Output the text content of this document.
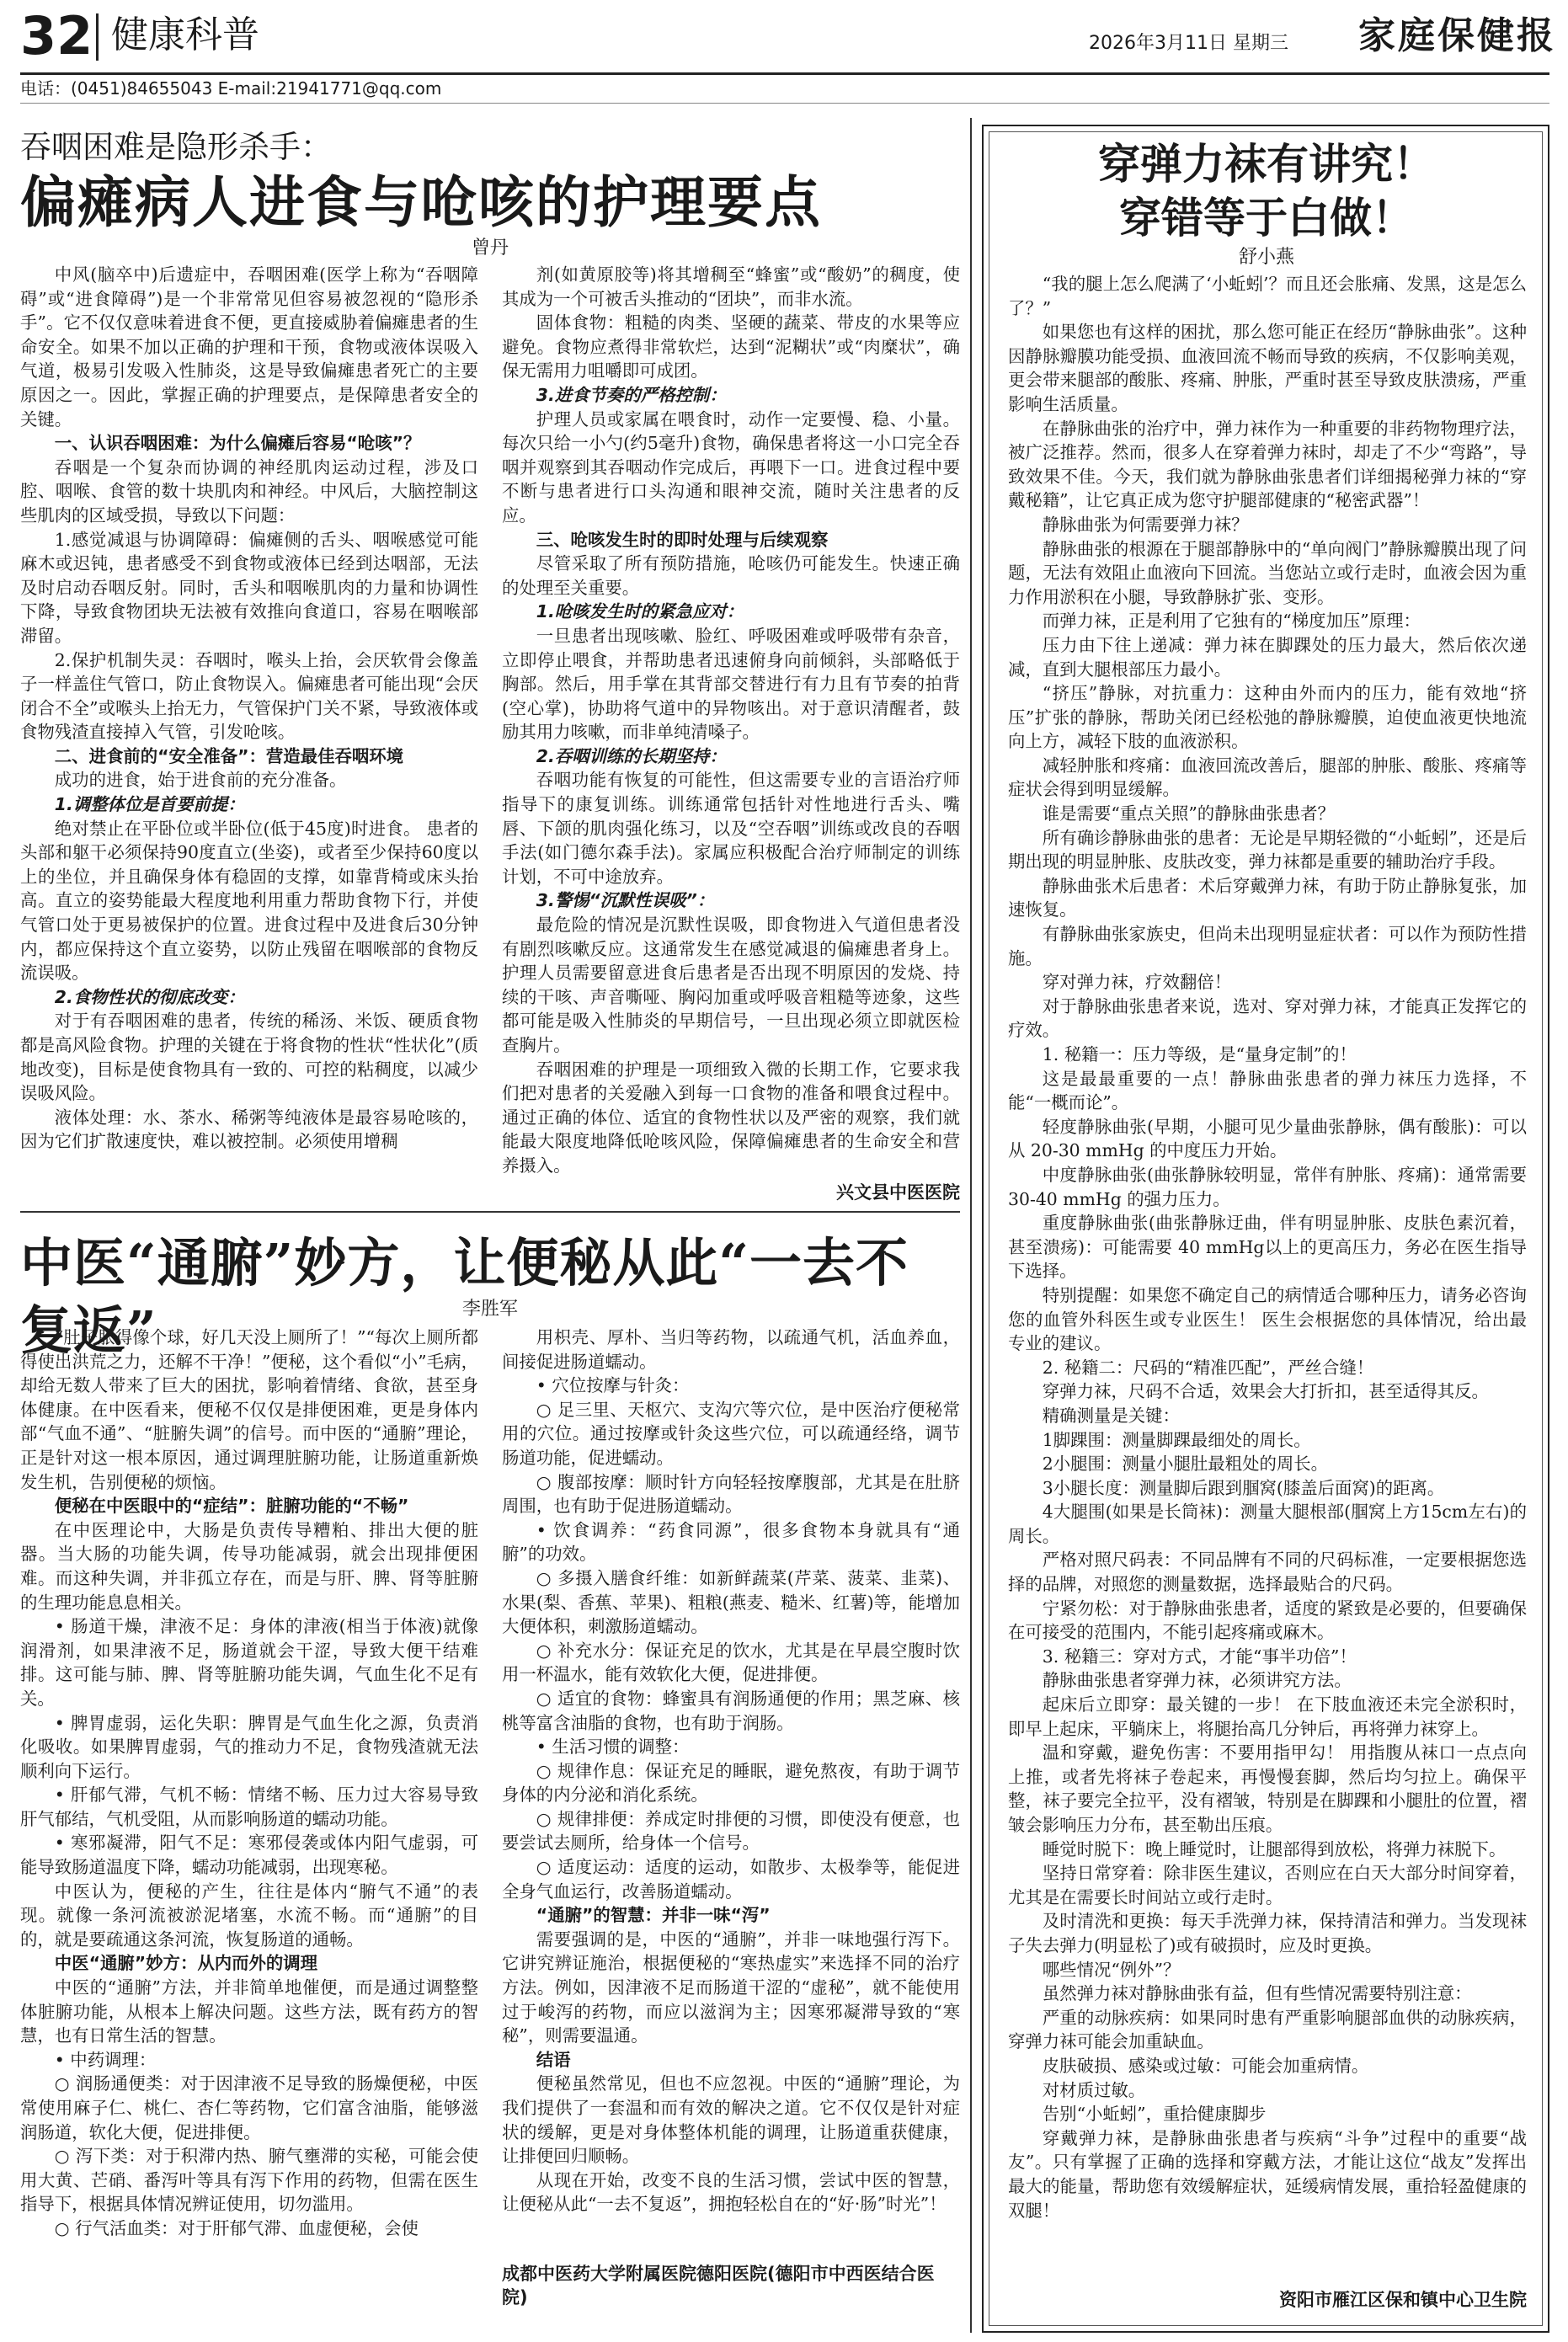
32 健康科普	2026年3月11日 星期三	家庭保健报
电话：(0451)84655043 E-mail:21941771@qq.com
吞咽困难是隐形杀手：
偏瘫病人进食与呛咳的护理要点
曾丹

中风(脑卒中)后遗症中，吞咽困难(医学上称为“吞咽障碍”或“进食障碍”)是一个非常常见但容易被忽视的“隐形杀手”。它不仅仅意味着进食不便，更直接威胁着偏瘫患者的生命安全。如果不加以正确的护理和干预，食物或液体误吸入气道，极易引发吸入性肺炎，这是导致偏瘫患者死亡的主要原因之一。因此，掌握正确的护理要点，是保障患者安全的关键。

一、认识吞咽困难：为什么偏瘫后容易“呛咳”？

吞咽是一个复杂而协调的神经肌肉运动过程，涉及口腔、咽喉、食管的数十块肌肉和神经。中风后，大脑控制这些肌肉的区域受损，导致以下问题：

1.感觉减退与协调障碍：偏瘫侧的舌头、咽喉感觉可能麻木或迟钝，患者感受不到食物或液体已经到达咽部，无法及时启动吞咽反射。同时，舌头和咽喉肌肉的力量和协调性下降，导致食物团块无法被有效推向食道口，容易在咽喉部滞留。

2.保护机制失灵：吞咽时，喉头上抬，会厌软骨会像盖子一样盖住气管口，防止食物误入。偏瘫患者可能出现“会厌闭合不全”或喉头上抬无力，气管保护门关不紧，导致液体或食物残渣直接掉入气管，引发呛咳。

二、进食前的“安全准备”：营造最佳吞咽环境

成功的进食，始于进食前的充分准备。

1.调整体位是首要前提：

绝对禁止在平卧位或半卧位(低于45度)时进食。 患者的头部和躯干必须保持90度直立(坐姿)，或者至少保持60度以上的坐位，并且确保身体有稳固的支撑，如靠背椅或床头抬高。直立的姿势能最大程度地利用重力帮助食物下行，并使气管口处于更易被保护的位置。进食过程中及进食后30分钟内，都应保持这个直立姿势，以防止残留在咽喉部的食物反流误吸。

2.食物性状的彻底改变：

对于有吞咽困难的患者，传统的稀汤、米饭、硬质食物都是高风险食物。护理的关键在于将食物的性状“性状化”(质地改变)，目标是使食物具有一致的、可控的粘稠度，以减少误吸风险。

液体处理：水、茶水、稀粥等纯液体是最容易呛咳的，因为它们扩散速度快，难以被控制。必须使用增稠

剂(如黄原胶等)将其增稠至“蜂蜜”或“酸奶”的稠度，使其成为一个可被舌头推动的“团块”，而非水流。

固体食物：粗糙的肉类、坚硬的蔬菜、带皮的水果等应避免。食物应煮得非常软烂，达到“泥糊状”或“肉糜状”，确保无需用力咀嚼即可成团。

3.进食节奏的严格控制：

护理人员或家属在喂食时，动作一定要慢、稳、小量。每次只给一小勺(约5毫升)食物，确保患者将这一小口完全吞咽并观察到其吞咽动作完成后，再喂下一口。进食过程中要不断与患者进行口头沟通和眼神交流，随时关注患者的反应。

三、呛咳发生时的即时处理与后续观察

尽管采取了所有预防措施，呛咳仍可能发生。快速正确的处理至关重要。

1.呛咳发生时的紧急应对：

一旦患者出现咳嗽、脸红、呼吸困难或呼吸带有杂音，立即停止喂食，并帮助患者迅速俯身向前倾斜，头部略低于胸部。然后，用手掌在其背部交替进行有力且有节奏的拍背(空心掌)，协助将气道中的异物咳出。对于意识清醒者，鼓励其用力咳嗽，而非单纯清嗓子。

2.吞咽训练的长期坚持：

吞咽功能有恢复的可能性，但这需要专业的言语治疗师指导下的康复训练。训练通常包括针对性地进行舌头、嘴唇、下颌的肌肉强化练习，以及“空吞咽”训练或改良的吞咽手法(如门德尔森手法)。家属应积极配合治疗师制定的训练计划，不可中途放弃。

3.警惕“沉默性误吸”：

最危险的情况是沉默性误吸，即食物进入气道但患者没有剧烈咳嗽反应。这通常发生在感觉减退的偏瘫患者身上。护理人员需要留意进食后患者是否出现不明原因的发烧、持续的干咳、声音嘶哑、胸闷加重或呼吸音粗糙等迹象，这些都可能是吸入性肺炎的早期信号，一旦出现必须立即就医检查胸片。

吞咽困难的护理是一项细致入微的长期工作，它要求我们把对患者的关爱融入到每一口食物的准备和喂食过程中。通过正确的体位、适宜的食物性状以及严密的观察，我们就能最大限度地降低呛咳风险，保障偏瘫患者的生命安全和营养摄入。

兴文县中医医院
中医“通腑”妙方，让便秘从此“一去不复返”	李胜军

“肚子胀得像个球，好几天没上厕所了！”“每次上厕所都得使出洪荒之力，还解不干净！”便秘，这个看似“小”毛病，却给无数人带来了巨大的困扰，影响着情绪、食欲，甚至身体健康。在中医看来，便秘不仅仅是排便困难，更是身体内部“气血不通”、“脏腑失调”的信号。而中医的“通腑”理论，正是针对这一根本原因，通过调理脏腑功能，让肠道重新焕发生机，告别便秘的烦恼。

便秘在中医眼中的“症结”：脏腑功能的“不畅”

在中医理论中，大肠是负责传导糟粕、排出大便的脏器。当大肠的功能失调，传导功能减弱，就会出现排便困难。而这种失调，并非孤立存在，而是与肝、脾、肾等脏腑的生理功能息息相关。

• 肠道干燥，津液不足：身体的津液(相当于体液)就像润滑剂，如果津液不足，肠道就会干涩，导致大便干结难排。这可能与肺、脾、肾等脏腑功能失调，气血生化不足有关。

• 脾胃虚弱，运化失职：脾胃是气血生化之源，负责消化吸收。如果脾胃虚弱，气的推动力不足，食物残渣就无法顺利向下运行。

• 肝郁气滞，气机不畅：情绪不畅、压力过大容易导致肝气郁结，气机受阻，从而影响肠道的蠕动功能。

• 寒邪凝滞，阳气不足：寒邪侵袭或体内阳气虚弱，可能导致肠道温度下降，蠕动功能减弱，出现寒秘。

中医认为，便秘的产生，往往是体内“腑气不通”的表现。就像一条河流被淤泥堵塞，水流不畅。而“通腑”的目的，就是要疏通这条河流，恢复肠道的通畅。

中医“通腑”妙方：从内而外的调理

中医的“通腑”方法，并非简单地催便，而是通过调整整体脏腑功能，从根本上解决问题。这些方法，既有药方的智慧，也有日常生活的智慧。

• 中药调理：

○ 润肠通便类：对于因津液不足导致的肠燥便秘，中医常使用麻子仁、桃仁、杏仁等药物，它们富含油脂，能够滋润肠道，软化大便，促进排便。

○ 泻下类：对于积滞内热、腑气壅滞的实秘，可能会使用大黄、芒硝、番泻叶等具有泻下作用的药物，但需在医生指导下，根据具体情况辨证使用，切勿滥用。

○ 行气活血类：对于肝郁气滞、血虚便秘，会使

用枳壳、厚朴、当归等药物，以疏通气机，活血养血，间接促进肠道蠕动。

• 穴位按摩与针灸：

○ 足三里、天枢穴、支沟穴等穴位，是中医治疗便秘常用的穴位。通过按摩或针灸这些穴位，可以疏通经络，调节肠道功能，促进蠕动。

○ 腹部按摩：顺时针方向轻轻按摩腹部，尤其是在肚脐周围，也有助于促进肠道蠕动。

• 饮食调养：“药食同源”，很多食物本身就具有“通腑”的功效。

○ 多摄入膳食纤维：如新鲜蔬菜(芹菜、菠菜、韭菜)、水果(梨、香蕉、苹果)、粗粮(燕麦、糙米、红薯)等，能增加大便体积，刺激肠道蠕动。

○ 补充水分：保证充足的饮水，尤其是在早晨空腹时饮用一杯温水，能有效软化大便，促进排便。

○ 适宜的食物：蜂蜜具有润肠通便的作用；黑芝麻、核桃等富含油脂的食物，也有助于润肠。

• 生活习惯的调整：

○ 规律作息：保证充足的睡眠，避免熬夜，有助于调节身体的内分泌和消化系统。

○ 规律排便：养成定时排便的习惯，即使没有便意，也要尝试去厕所，给身体一个信号。

○ 适度运动：适度的运动，如散步、太极拳等，能促进全身气血运行，改善肠道蠕动。

“通腑”的智慧：并非一味“泻”

需要强调的是，中医的“通腑”，并非一味地强行泻下。它讲究辨证施治，根据便秘的“寒热虚实”来选择不同的治疗方法。例如，因津液不足而肠道干涩的“虚秘”，就不能使用过于峻泻的药物，而应以滋润为主；因寒邪凝滞导致的“寒秘”，则需要温通。

结语

便秘虽然常见，但也不应忽视。中医的“通腑”理论，为我们提供了一套温和而有效的解决之道。它不仅仅是针对症状的缓解，更是对身体整体机能的调理，让肠道重获健康，让排便回归顺畅。

从现在开始，改变不良的生活习惯，尝试中医的智慧，让便秘从此“一去不复返”，拥抱轻松自在的“好·肠”时光”！

成都中医药大学附属医院德阳医院(德阳市中西医结合医院)
穿弹力袜有讲究！
穿错等于白做！
舒小燕

“我的腿上怎么爬满了‘小蚯蚓’？而且还会胀痛、发黑，这是怎么了？”

如果您也有这样的困扰，那么您可能正在经历“静脉曲张”。这种因静脉瓣膜功能受损、血液回流不畅而导致的疾病，不仅影响美观，更会带来腿部的酸胀、疼痛、肿胀，严重时甚至导致皮肤溃疡，严重影响生活质量。

在静脉曲张的治疗中，弹力袜作为一种重要的非药物物理疗法，被广泛推荐。然而，很多人在穿着弹力袜时，却走了不少“弯路”，导致效果不佳。今天，我们就为静脉曲张患者们详细揭秘弹力袜的“穿戴秘籍”，让它真正成为您守护腿部健康的“秘密武器”！

静脉曲张为何需要弹力袜？

静脉曲张的根源在于腿部静脉中的“单向阀门”静脉瓣膜出现了问题，无法有效阻止血液向下回流。当您站立或行走时，血液会因为重力作用淤积在小腿，导致静脉扩张、变形。

而弹力袜，正是利用了它独有的“梯度加压”原理：

压力由下往上递减：弹力袜在脚踝处的压力最大，然后依次递减，直到大腿根部压力最小。

“挤压”静脉，对抗重力：这种由外而内的压力，能有效地“挤压”扩张的静脉，帮助关闭已经松弛的静脉瓣膜，迫使血液更快地流向上方，减轻下肢的血液淤积。

减轻肿胀和疼痛：血液回流改善后，腿部的肿胀、酸胀、疼痛等症状会得到明显缓解。

谁是需要“重点关照”的静脉曲张患者？

所有确诊静脉曲张的患者：无论是早期轻微的“小蚯蚓”，还是后期出现的明显肿胀、皮肤改变，弹力袜都是重要的辅助治疗手段。

静脉曲张术后患者：术后穿戴弹力袜，有助于防止静脉复张，加速恢复。

有静脉曲张家族史，但尚未出现明显症状者：可以作为预防性措施。

穿对弹力袜，疗效翻倍！

对于静脉曲张患者来说，选对、穿对弹力袜，才能真正发挥它的疗效。

1. 秘籍一：压力等级，是“量身定制”的！

这是最最重要的一点！静脉曲张患者的弹力袜压力选择，不能“一概而论”。

轻度静脉曲张(早期，小腿可见少量曲张静脉，偶有酸胀)：可以从 20-30 mmHg 的中度压力开始。

中度静脉曲张(曲张静脉较明显，常伴有肿胀、疼痛)：通常需要 30-40 mmHg 的强力压力。

重度静脉曲张(曲张静脉迂曲，伴有明显肿胀、皮肤色素沉着，甚至溃疡)：可能需要 40 mmHg以上的更高压力，务必在医生指导下选择。

特别提醒：如果您不确定自己的病情适合哪种压力，请务必咨询您的血管外科医生或专业医生！ 医生会根据您的具体情况，给出最专业的建议。

2. 秘籍二：尺码的“精准匹配”，严丝合缝！

穿弹力袜，尺码不合适，效果会大打折扣，甚至适得其反。

精确测量是关键：

1脚踝围：测量脚踝最细处的周长。

2小腿围：测量小腿肚最粗处的周长。

3小腿长度：测量脚后跟到腘窝(膝盖后面窝)的距离。

4大腿围(如果是长筒袜)：测量大腿根部(腘窝上方15cm左右)的周长。

严格对照尺码表：不同品牌有不同的尺码标准，一定要根据您选择的品牌，对照您的测量数据，选择最贴合的尺码。

宁紧勿松：对于静脉曲张患者，适度的紧致是必要的，但要确保在可接受的范围内，不能引起疼痛或麻木。

3. 秘籍三：穿对方式，才能“事半功倍”！

静脉曲张患者穿弹力袜，必须讲究方法。

起床后立即穿：最关键的一步！ 在下肢血液还未完全淤积时，即早上起床，平躺床上，将腿抬高几分钟后，再将弹力袜穿上。

温和穿戴，避免伤害：不要用指甲勾！ 用指腹从袜口一点点向上推，或者先将袜子卷起来，再慢慢套脚，然后均匀拉上。确保平整，袜子要完全拉平，没有褶皱，特别是在脚踝和小腿肚的位置，褶皱会影响压力分布，甚至勒出压痕。

睡觉时脱下：晚上睡觉时，让腿部得到放松，将弹力袜脱下。

坚持日常穿着：除非医生建议，否则应在白天大部分时间穿着，尤其是在需要长时间站立或行走时。

及时清洗和更换：每天手洗弹力袜，保持清洁和弹力。当发现袜子失去弹力(明显松了)或有破损时，应及时更换。

哪些情况“例外”？

虽然弹力袜对静脉曲张有益，但有些情况需要特别注意：

严重的动脉疾病：如果同时患有严重影响腿部血供的动脉疾病，穿弹力袜可能会加重缺血。

皮肤破损、感染或过敏：可能会加重病情。

对材质过敏。

告别“小蚯蚓”，重拾健康脚步

穿戴弹力袜，是静脉曲张患者与疾病“斗争”过程中的重要“战友”。只有掌握了正确的选择和穿戴方法，才能让这位“战友”发挥出最大的能量，帮助您有效缓解症状，延缓病情发展，重拾轻盈健康的双腿！

资阳市雁江区保和镇中心卫生院
